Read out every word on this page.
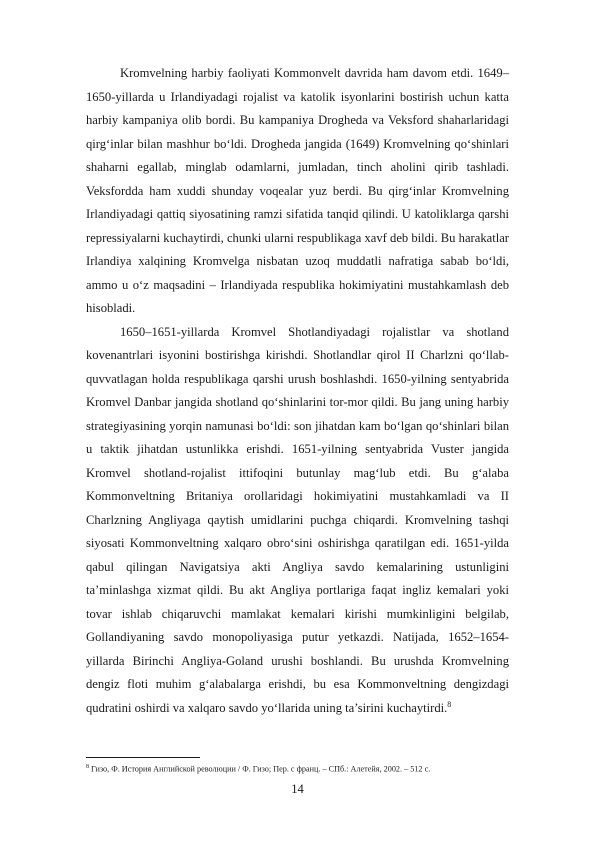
Kromvelning harbiy faoliyati Kommonvelt davrida ham davom etdi. 1649–1650-yillarda u Irlandiyadagi rojalist va katolik isyonlarini bostirish uchun katta harbiy kampaniya olib bordi. Bu kampaniya Drogheda va Veksford shaharlaridagi qirg‘inlar bilan mashhur bo‘ldi. Drogheda jangida (1649) Kromvelning qo‘shinlari shaharni egallab, minglab odamlarni, jumladan, tinch aholini qirib tashladi. Veksfordda ham xuddi shunday voqealar yuz berdi. Bu qirg‘inlar Kromvelning Irlandiyadagi qattiq siyosatining ramzi sifatida tanqid qilindi. U katoliklarga qarshi repressiyalarni kuchaytirdi, chunki ularni respublikaga xavf deb bildi. Bu harakatlar Irlandiya xalqining Kromvelga nisbatan uzoq muddatli nafratiga sabab bo‘ldi, ammo u o‘z maqsadini – Irlandiyada respublika hokimiyatini mustahkamlash deb hisobladi.

1650–1651-yillarda Kromvel Shotlandiyadagi rojalistlar va shotland kovenantrlari isyonini bostirishga kirishdi. Shotlandlar qirol II Charlzni qo‘llab-quvvatlagan holda respublikaga qarshi urush boshlashdi. 1650-yilning sentyabrida Kromvel Danbar jangida shotland qo‘shinlarini tor-mor qildi. Bu jang uning harbiy strategiyasining yorqin namunasi bo‘ldi: son jihatdan kam bo‘lgan qo‘shinlari bilan u taktik jihatdan ustunlikka erishdi. 1651-yilning sentyabrida Vuster jangida Kromvel shotland-rojalist ittifoqini butunlay mag‘lub etdi. Bu g‘alaba Kommonveltning Britaniya orollaridagi hokimiyatini mustahkamladi va II Charlzning Angliyaga qaytish umidlarini puchga chiqardi. Kromvelning tashqi siyosati Kommonveltning xalqaro obro‘sini oshirishga qaratilgan edi. 1651-yilda qabul qilingan Navigatsiya akti Angliya savdo kemalarining ustunligini ta’minlashga xizmat qildi. Bu akt Angliya portlariga faqat ingliz kemalari yoki tovar ishlab chiqaruvchi mamlakat kemalari kirishi mumkinligini belgilab, Gollandiyaning savdo monopoliyasiga putur yetkazdi. Natijada, 1652–1654-yillarda Birinchi Angliya-Goland urushi boshlandi. Bu urushda Kromvelning dengiz floti muhim g‘alabalarga erishdi, bu esa Kommonveltning dengizdagi qudratini oshirdi va xalqaro savdo yo‘llarida uning ta’sirini kuchaytirdi.$^8$

$^8$ Гизо, Ф. История Английской революции / Ф. Гизо; Пер. с франц. – СПб.: Алетейя, 2002. – 512 с.
14
